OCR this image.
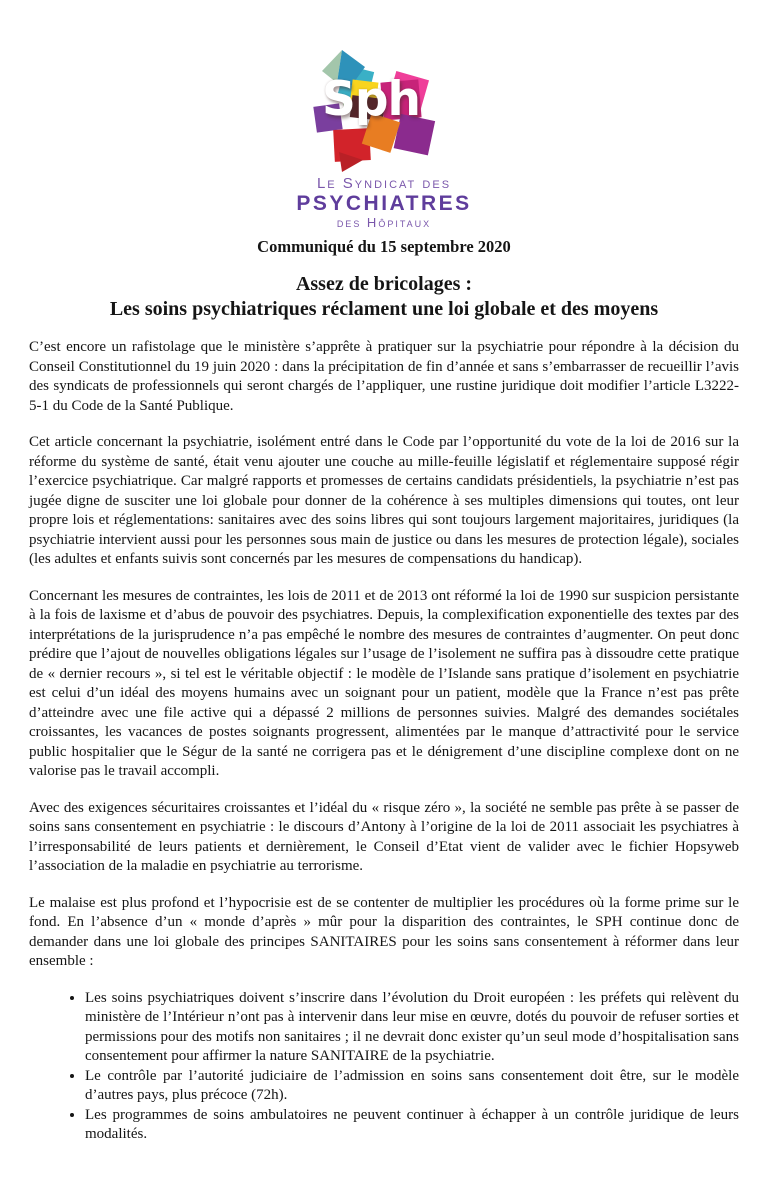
Sph
Le Syndicat des
PSYCHIATRES
des Hôpitaux
Communiqué du 15 septembre 2020
Assez de bricolages :
Les soins psychiatriques réclament une loi globale et des moyens

C’est encore un rafistolage que le ministère s’apprête à pratiquer sur la psychiatrie pour répondre à la décision du Conseil Constitutionnel du 19 juin 2020 : dans la précipitation de fin d’année et sans s’embarrasser de recueillir l’avis des syndicats de professionnels qui seront chargés de l’appliquer, une rustine juridique doit modifier l’article L3222-5-1 du Code de la Santé Publique.

Cet article concernant la psychiatrie, isolément entré dans le Code par l’opportunité du vote de la loi de 2016 sur la réforme du système de santé, était venu ajouter une couche au mille-feuille législatif et réglementaire supposé régir l’exercice psychiatrique. Car malgré rapports et promesses de certains candidats présidentiels, la psychiatrie n’est pas jugée digne de susciter une loi globale pour donner de la cohérence à ses multiples dimensions qui toutes, ont leur propre lois et réglementations: sanitaires avec des soins libres qui sont toujours largement majoritaires, juridiques (la psychiatrie intervient aussi pour les personnes sous main de justice ou dans les mesures de protection légale), sociales (les adultes et enfants suivis sont concernés par les mesures de compensations du handicap).

Concernant les mesures de contraintes, les lois de 2011 et de 2013 ont réformé la loi de 1990 sur suspicion persistante à la fois de laxisme et d’abus de pouvoir des psychiatres. Depuis, la complexification exponentielle des textes par des interprétations de la jurisprudence n’a pas empêché le nombre des mesures de contraintes d’augmenter. On peut donc prédire que l’ajout de nouvelles obligations légales sur l’usage de l’isolement ne suffira pas à dissoudre cette pratique de « dernier recours », si tel est le véritable objectif : le modèle de l’Islande sans pratique d’isolement en psychiatrie est celui d’un idéal des moyens humains avec un soignant pour un patient, modèle que la France n’est pas prête d’atteindre avec une file active qui a dépassé 2 millions de personnes suivies. Malgré des demandes sociétales croissantes, les vacances de postes soignants progressent, alimentées par le manque d’attractivité pour le service public hospitalier que le Ségur de la santé ne corrigera pas et le dénigrement d’une discipline complexe dont on ne valorise pas le travail accompli.

Avec des exigences sécuritaires croissantes et l’idéal du « risque zéro », la société ne semble pas prête à se passer de soins sans consentement en psychiatrie : le discours d’Antony à l’origine de la loi de 2011 associait les psychiatres à l’irresponsabilité de leurs patients et dernièrement, le Conseil d’Etat vient de valider avec le fichier Hopsyweb l’association de la maladie en psychiatrie au terrorisme.

Le malaise est plus profond et l’hypocrisie est de se contenter de multiplier les procédures où la forme prime sur le fond. En l’absence d’un « monde d’après » mûr pour la disparition des contraintes, le SPH continue donc de demander dans une loi globale des principes SANITAIRES pour les soins sans consentement à réformer dans leur ensemble :

• Les soins psychiatriques doivent s’inscrire dans l’évolution du Droit européen : les préfets qui relèvent du ministère de l’Intérieur n’ont pas à intervenir dans leur mise en œuvre, dotés du pouvoir de refuser sorties et permissions pour des motifs non sanitaires ; il ne devrait donc exister qu’un seul mode d’hospitalisation sans consentement pour affirmer la nature SANITAIRE de la psychiatrie.
• Le contrôle par l’autorité judiciaire de l’admission en soins sans consentement doit être, sur le modèle d’autres pays, plus précoce (72h).
• Les programmes de soins ambulatoires ne peuvent continuer à échapper à un contrôle juridique de leurs modalités.
